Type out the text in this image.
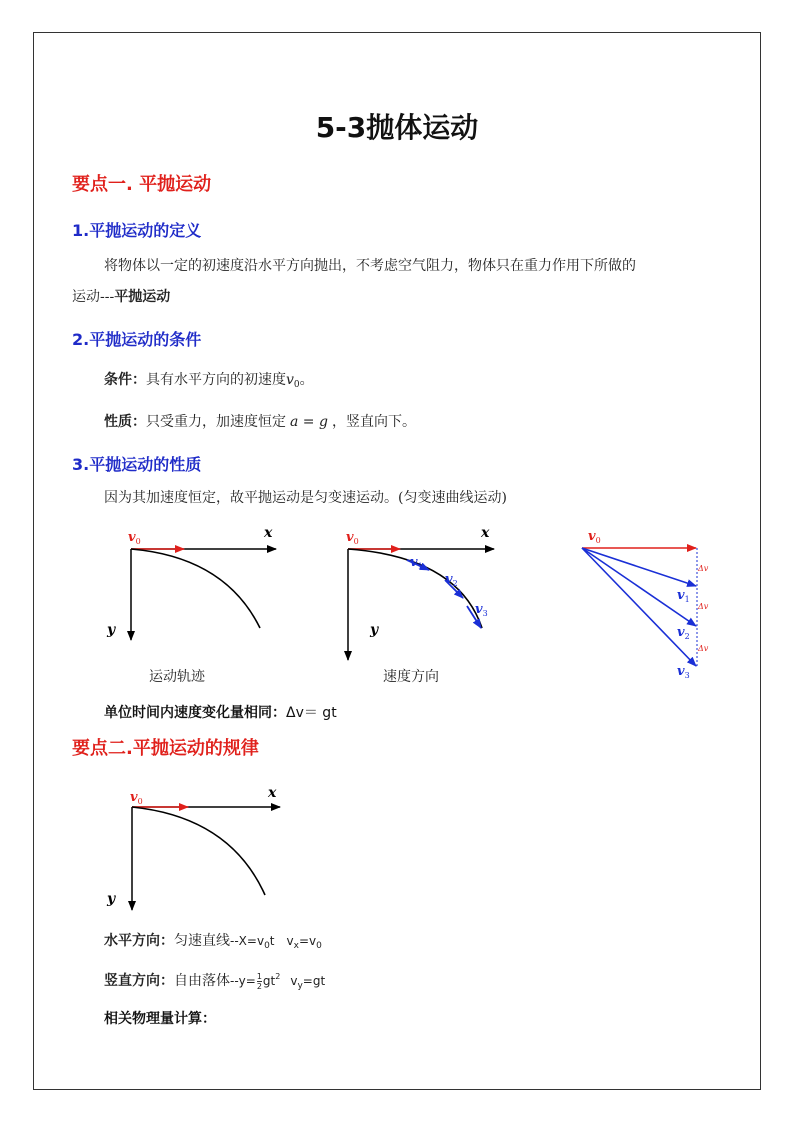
5-3抛体运动
要点一. 平抛运动
1.平抛运动的定义
将物体以一定的初速度沿水平方向抛出，不考虑空气阻力，物体只在重力作用下所做的
运动---平抛运动
2.平抛运动的条件
条件：具有水平方向的初速度$v_0$。
性质：只受重力，加速度恒定 a = g ，竖直向下。
3.平抛运动的性质
因为其加速度恒定，故平抛运动是匀变速运动。(匀变速曲线运动)
$v_0$
x
y
运动轨迹
$v_0$
$v_1$
$v_2$
$v_3$
x
y
速度方向
$v_0$
$v_1$
$v_2$
$v_3$
Δv
Δv
Δv
单位时间内速度变化量相同：Δv＝ gt
要点二.平抛运动的规律
$v_0$
x
y
水平方向：匀速直线$--X=v_0t$ $v_x=v_0$
竖直方向：自由落体$--y= \frac{1}{2}gt^2$ $v_y=gt$
相关物理量计算：
